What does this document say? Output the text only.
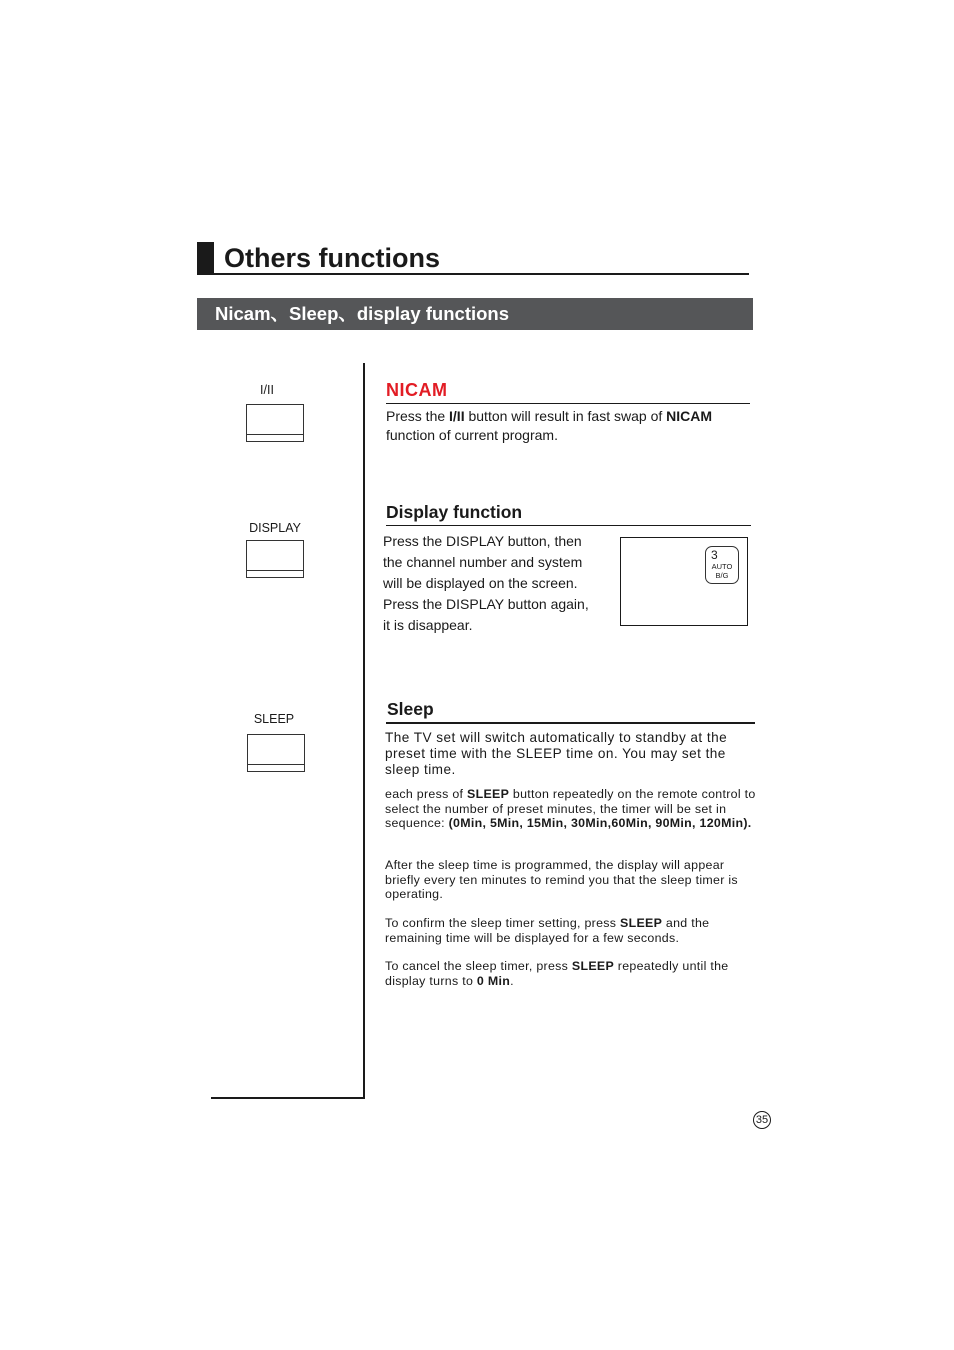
Others functions
Nicam、Sleep、display functions
I/II
DISPLAY
SLEEP
NICAM

Press the I/II button will result in fast swap of NICAM
function of current program.

Display function

Press the DISPLAY button, then

the channel number and system

will be displayed on the screen.

Press the DISPLAY button again,

it is disappear.

3
AUTO
B/G
Sleep

The TV set will switch automatically to standby at the preset time with the SLEEP time on. You may set the sleep time.

each press of SLEEP button repeatedly on the remote control to select the number of preset minutes, the timer will be set in sequence: (0Min, 5Min, 15Min, 30Min,60Min, 90Min, 120Min).

After the sleep time is programmed, the display will appear briefly every ten minutes to remind you that the sleep timer is operating.

To confirm the sleep timer setting, press SLEEP and the remaining time will be displayed for a few seconds.

To cancel the sleep timer, press SLEEP repeatedly until the display turns to 0 Min.

35
